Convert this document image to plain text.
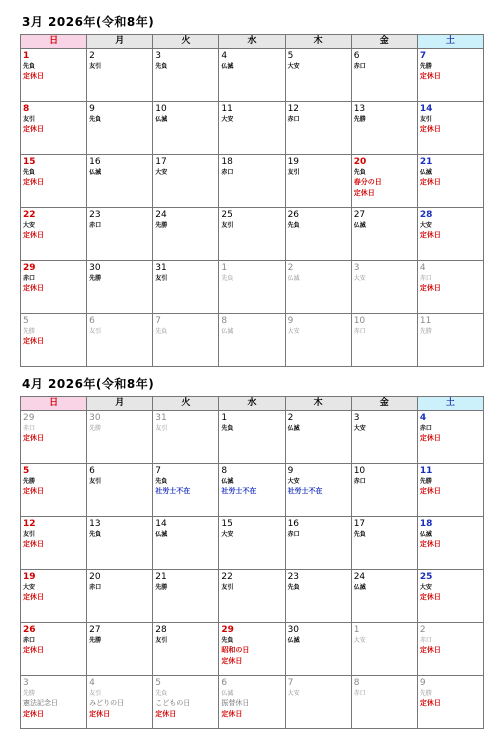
3月 2026年(令和8年)
日	月	火	水	木	金	土

1
先負
定休日	2
友引	3
先負	4
仏滅	5
大安	6
赤口	7
先勝
定休日

8
友引
定休日	9
先負	10
仏滅	11
大安	12
赤口	13
先勝	14
友引
定休日

15
先負
定休日	16
仏滅	17
大安	18
赤口	19
友引	20
先負
春分の日
定休日	21
仏滅
定休日

22
大安
定休日	23
赤口	24
先勝	25
友引	26
先負	27
仏滅	28
大安
定休日

29
赤口
定休日	30
先勝	31
友引	1
先負	2
仏滅	3
大安	4
赤口
定休日

5
先勝
定休日	6
友引	7
先負	8
仏滅	9
大安	10
赤口	11
先勝
4月 2026年(令和8年)
日	月	火	水	木	金	土

29
赤口
定休日	30
先勝	31
友引	1
先負	2
仏滅	3
大安	4
赤口
定休日

5
先勝
定休日	6
友引	7
先負
社労士不在	8
仏滅
社労士不在	9
大安
社労士不在	10
赤口	11
先勝
定休日

12
友引
定休日	13
先負	14
仏滅	15
大安	16
赤口	17
先負	18
仏滅
定休日

19
大安
定休日	20
赤口	21
先勝	22
友引	23
先負	24
仏滅	25
大安
定休日

26
赤口
定休日	27
先勝	28
友引	29
先負
昭和の日
定休日	30
仏滅	1
大安	2
赤口
定休日

3
先勝
憲法記念日
定休日	4
友引
みどりの日
定休日	5
先負
こどもの日
定休日	6
仏滅
振替休日
定休日	7
大安	8
赤口	9
先勝
定休日
